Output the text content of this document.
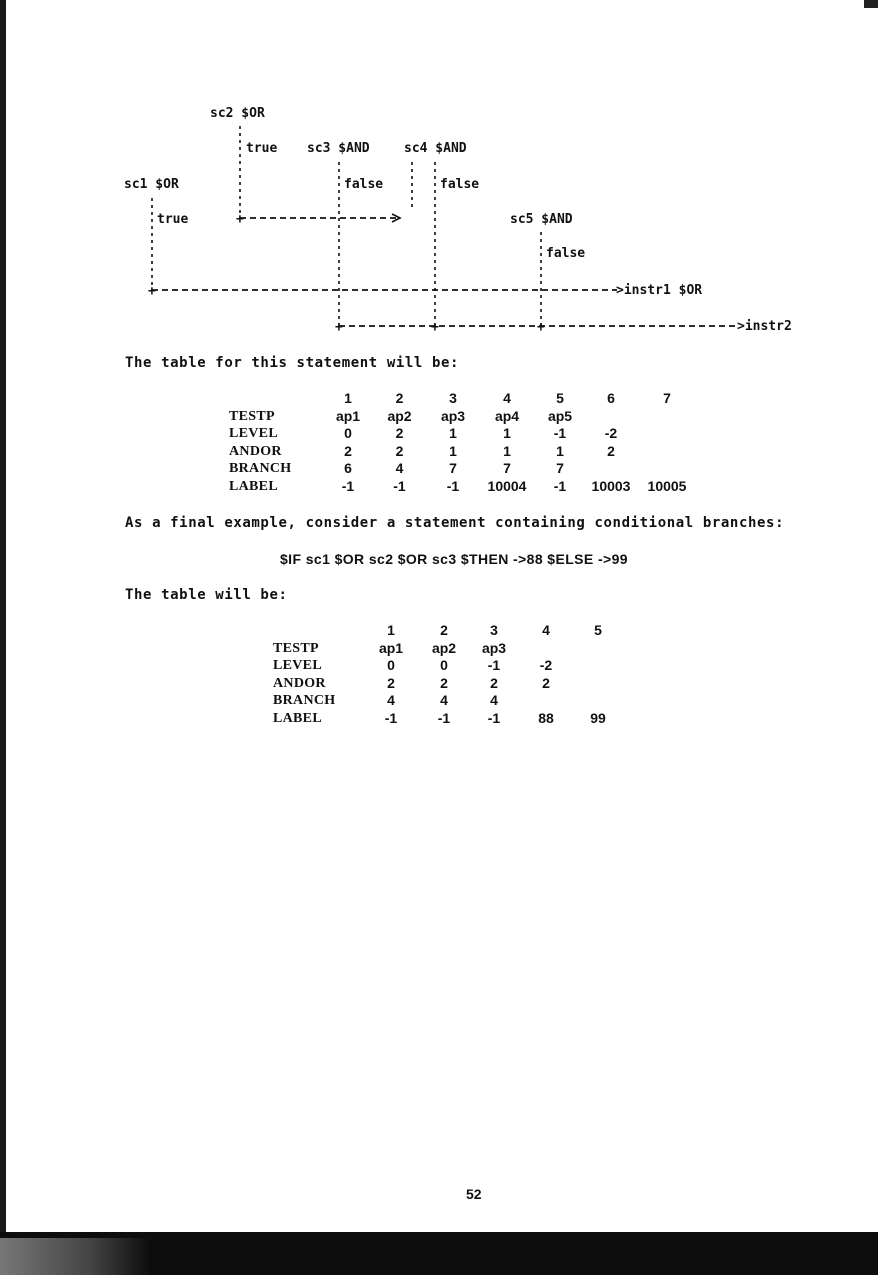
+
+
+	+	+
sc2 $OR
true sc3 $AND	sc4 $AND
sc1 $OR	false	false
true	sc5 $AND
false
>instr1 $OR
>instr2
The table for this statement will be:
	1	2	3	4	5	6	7
TESTP	ap1	ap2	ap3	ap4	ap5		
LEVEL	0	2	1	1	-1	-2	
ANDOR	2	2	1	1	1	2	
BRANCH	6	4	7	7	7		
LABEL	-1	-1	-1	10004	-1	10003	10005
As a final example, consider a statement containing conditional branches:
$IF sc1 $OR sc2 $OR sc3 $THEN ->88 $ELSE ->99
The table will be:
	1	2	3	4	5
TESTP	ap1	ap2	ap3		
LEVEL	0	0	-1	-2	
ANDOR	2	2	2	2	
BRANCH	4	4	4		
LABEL	-1	-1	-1	88	99
52
